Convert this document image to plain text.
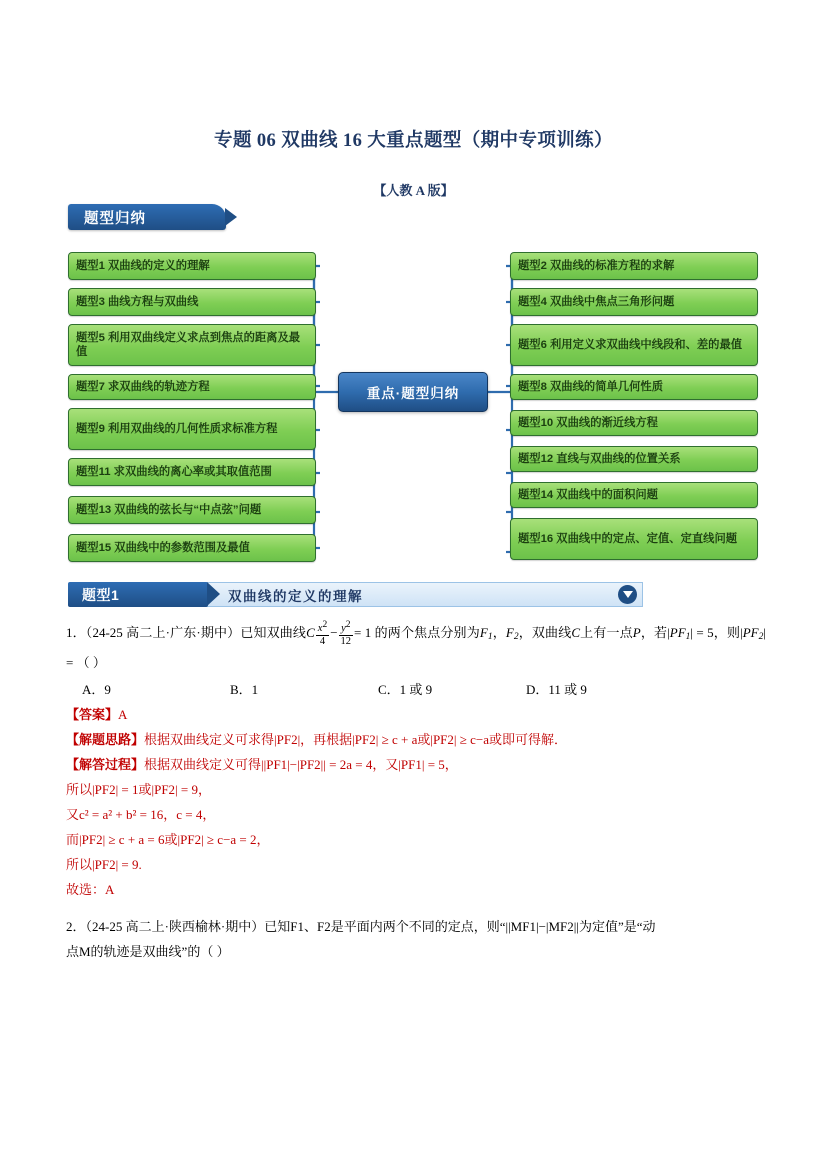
专题 06 双曲线 16 大重点题型（期中专项训练）
【人教 A 版】
题型归纳
重点·题型归纳
题型1 双曲线的定义的理解
题型3 曲线方程与双曲线
题型5 利用双曲线定义求点到焦点的距离及最值
题型7 求双曲线的轨迹方程
题型9 利用双曲线的几何性质求标准方程
题型11 求双曲线的离心率或其取值范围
题型13 双曲线的弦长与“中点弦”问题
题型15 双曲线中的参数范围及最值
题型2 双曲线的标准方程的求解
题型4 双曲线中焦点三角形问题
题型6 利用定义求双曲线中线段和、差的最值
题型8 双曲线的简单几何性质
题型10 双曲线的渐近线方程
题型12 直线与双曲线的位置关系
题型14 双曲线中的面积问题
题型16 双曲线中的定点、定值、定直线问题
题型1	双曲线的定义的理解
1．（24-25 高二上·广东·期中）已知双曲线C $\frac{x2}{4} - \frac{y2}{12} = 1$ 的两个焦点分别为$F_1$，$F_2$，双曲线C上有一点P，若$|PF_1| = 5$，则$|PF_2|$ = （ ）
A．9	B．1	C．1 或 9	D．11 或 9

【答案】A

【解题思路】根据双曲线定义可求得|PF2|，再根据|PF2| ≥ c + a或|PF2| ≥ c−a或即可得解．

【解答过程】根据双曲线定义可得||PF1|−|PF2|| = 2a = 4，又|PF1| = 5，

所以|PF2| = 1或|PF2| = 9，

又c² = a² + b² = 16，c = 4，

而|PF2| ≥ c + a = 6或|PF2| ≥ c−a = 2，

所以|PF2| = 9.

故选：A

2．（24-25 高二上·陕西榆林·期中）已知F1、F2是平面内两个不同的定点，则“||MF1|−|MF2||为定值”是“动

点M的轨迹是双曲线”的（ ）
